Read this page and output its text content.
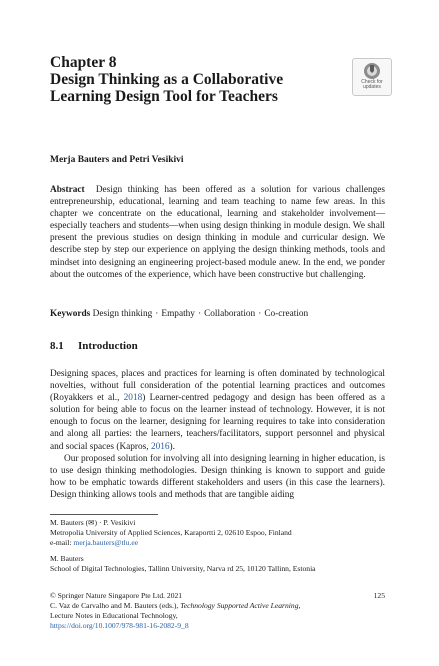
Chapter 8

Design Thinking as a Collaborative Learning Design Tool for Teachers

Check for
updates
Merja Bauters and Petri Vesikivi

Abstract Design thinking has been offered as a solution for various challenges entrepreneurship, educational, learning and team teaching to name few areas. In this chapter we concentrate on the educational, learning and stakeholder involvement—especially teachers and students—when using design thinking in module design. We shall present the previous studies on design thinking in module and curricular design. We describe step by step our experience on applying the design thinking methods, tools and mindset into designing an engineering project-based module anew. In the end, we ponder about the outcomes of the experience, which have been constructive but challenging.

Keywords Design thinking · Empathy · Collaboration · Co-creation

8.1 Introduction

Designing spaces, places and practices for learning is often dominated by technological novelties, without full consideration of the potential learning practices and outcomes (Royakkers et al., 2018) Learner-centred pedagogy and design has been offered as a solution for being able to focus on the learner instead of technology. However, it is not enough to focus on the learner, designing for learning requires to take into consideration and along all parties: the learners, teachers/facilitators, support personnel and physical and social spaces (Kapros, 2016).

Our proposed solution for involving all into designing learning in higher education, is to use design thinking methodologies. Design thinking is known to support and guide how to be emphatic towards different stakeholders and users (in this case the learners). Design thinking allows tools and methods that are tangible aiding

M. Bauters (✉) · P. Vesikivi
Metropolia University of Applied Sciences, Karaportti 2, 02610 Espoo, Finland
e-mail: merja.bauters@tlu.ee

M. Bauters
School of Digital Technologies, Tallinn University, Narva rd 25, 10120 Tallinn, Estonia

125

© Springer Nature Singapore Pte Ltd. 2021

C. Vaz de Carvalho and M. Bauters (eds.), Technology Supported Active Learning,

Lecture Notes in Educational Technology,

https://doi.org/10.1007/978-981-16-2082-9_8
